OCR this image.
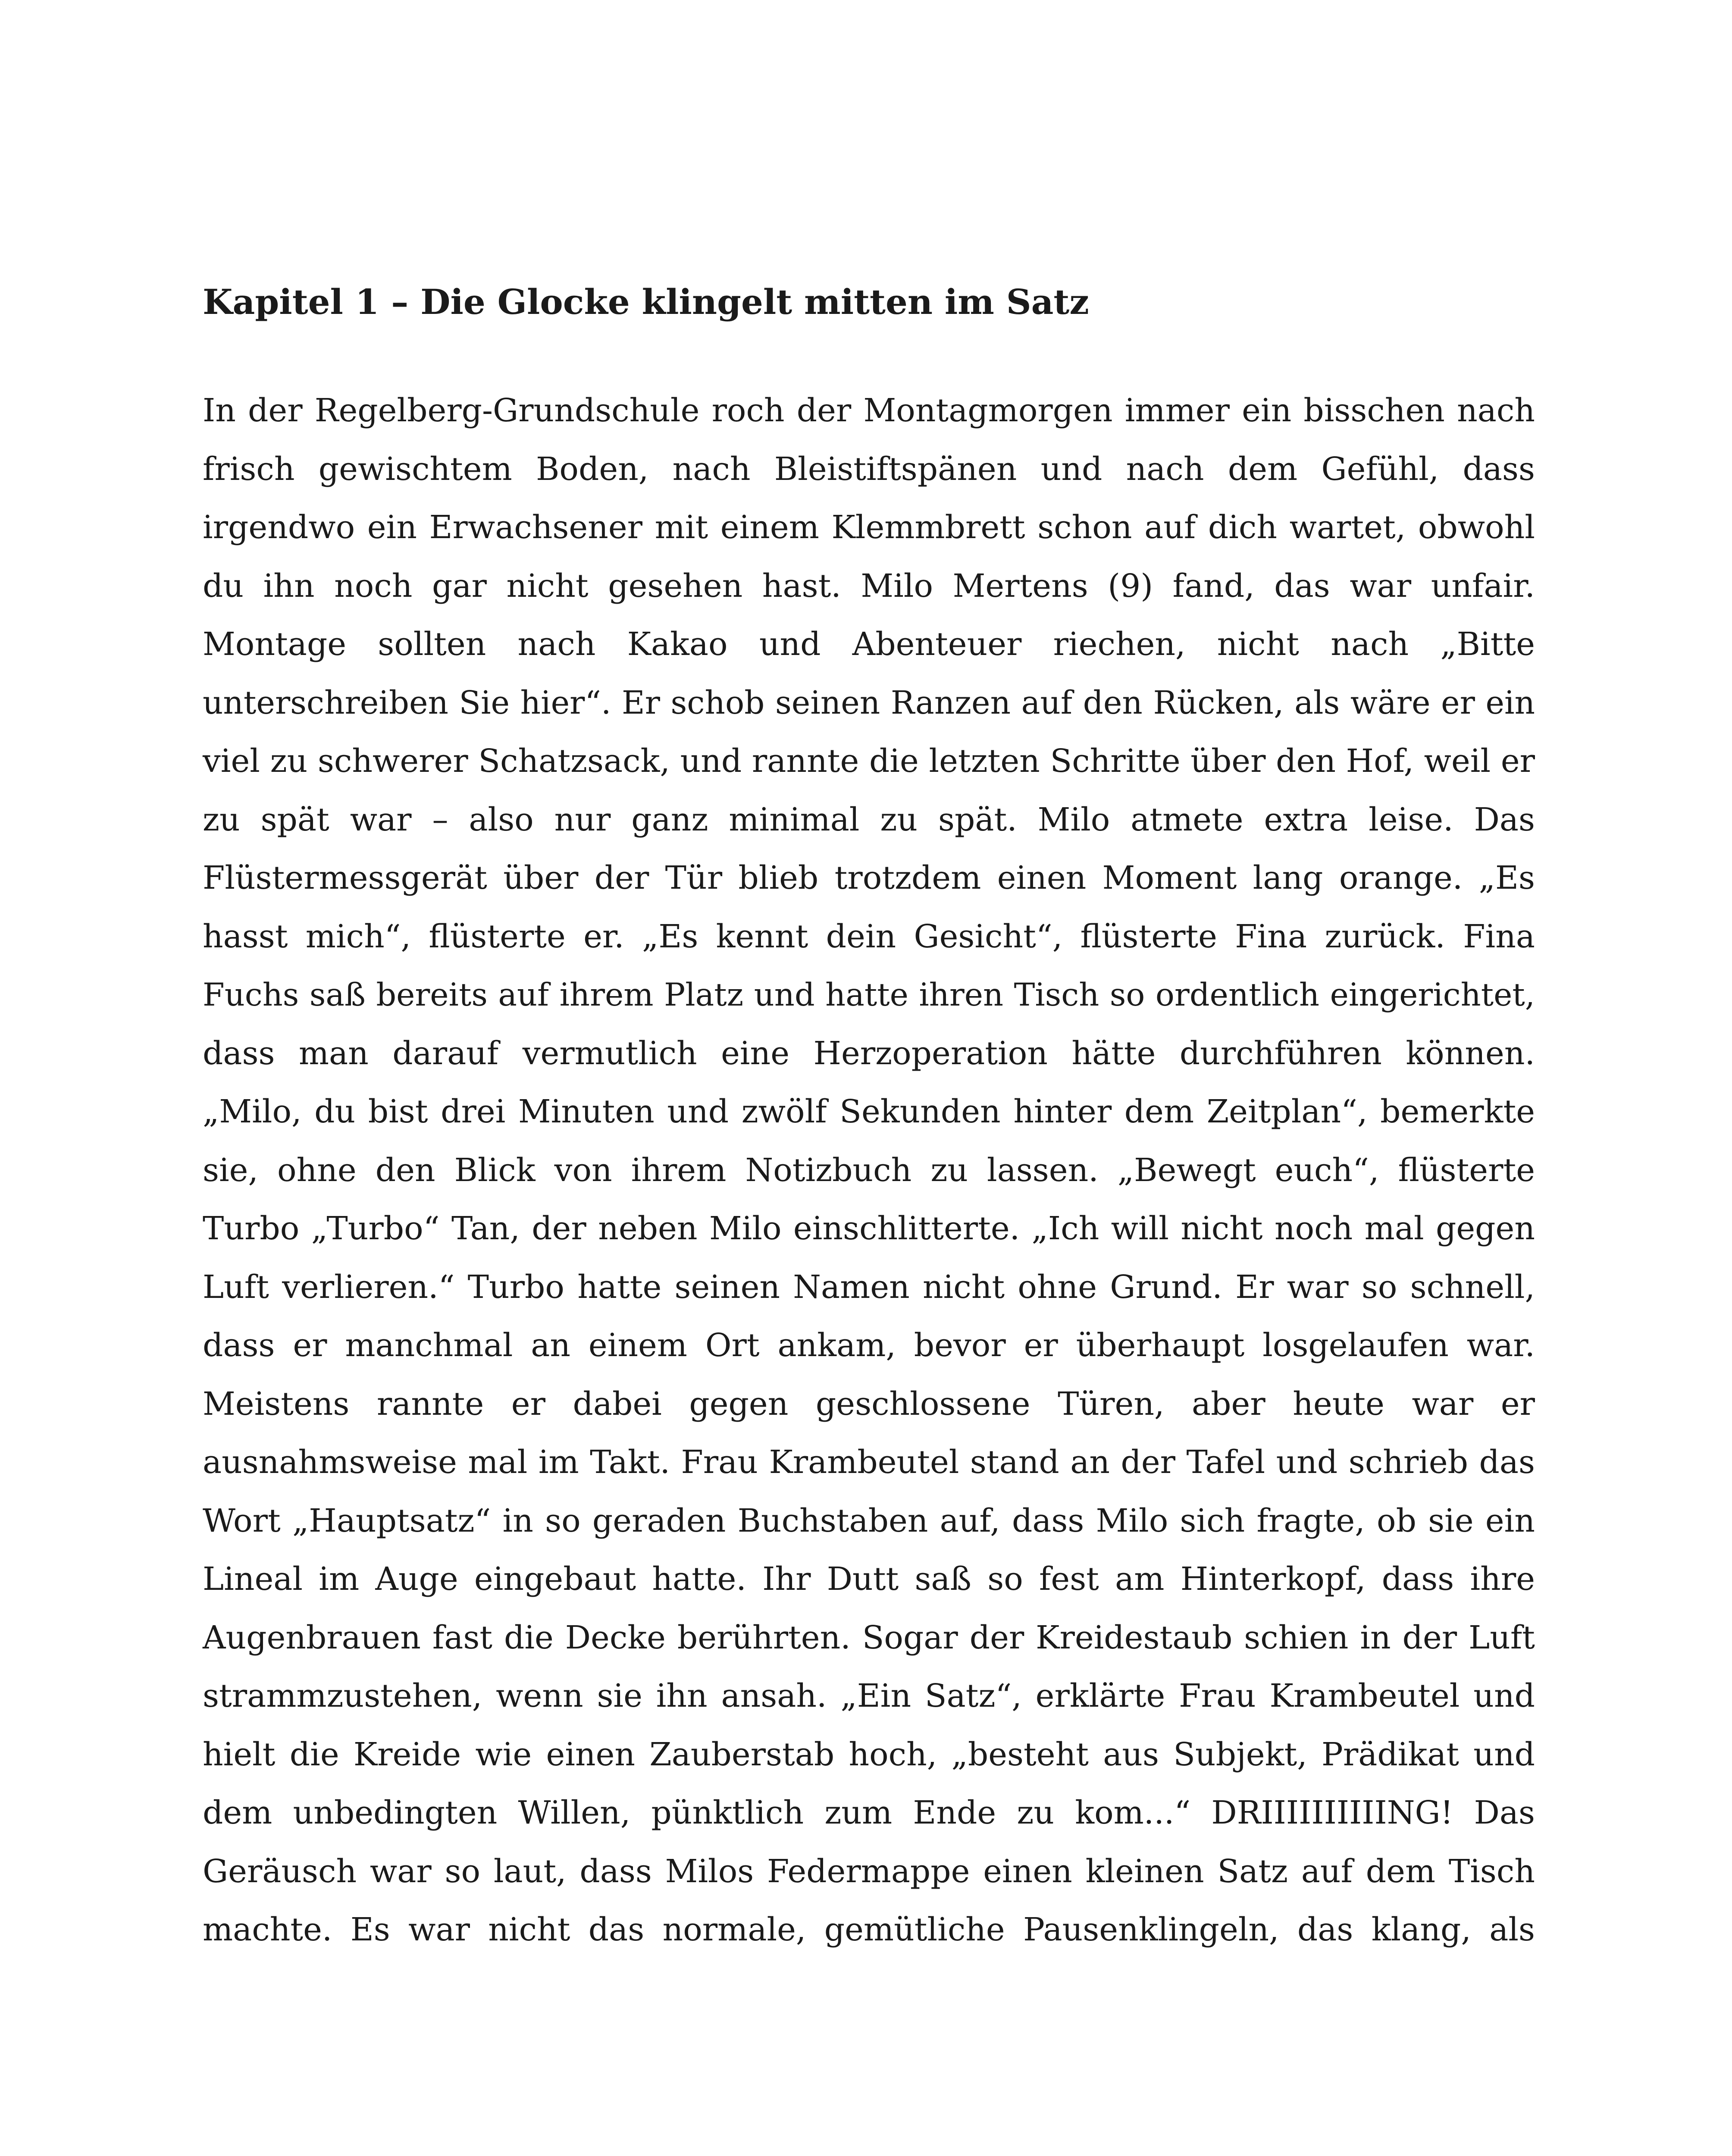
Kapitel 1 – Die Glocke klingelt mitten im Satz
In der Regelberg-Grundschule roch der Montagmorgen immer ein bisschen nach
frisch gewischtem Boden, nach Bleistiftspänen und nach dem Gefühl, dass
irgendwo ein Erwachsener mit einem Klemmbrett schon auf dich wartet, obwohl
du ihn noch gar nicht gesehen hast. Milo Mertens (9) fand, das war unfair.
Montage sollten nach Kakao und Abenteuer riechen, nicht nach „Bitte
unterschreiben Sie hier“. Er schob seinen Ranzen auf den Rücken, als wäre er ein
viel zu schwerer Schatzsack, und rannte die letzten Schritte über den Hof, weil er
zu spät war – also nur ganz minimal zu spät. Milo atmete extra leise. Das
Flüstermessgerät über der Tür blieb trotzdem einen Moment lang orange. „Es
hasst mich“, flüsterte er. „Es kennt dein Gesicht“, flüsterte Fina zurück. Fina
Fuchs saß bereits auf ihrem Platz und hatte ihren Tisch so ordentlich eingerichtet,
dass man darauf vermutlich eine Herzoperation hätte durchführen können.
„Milo, du bist drei Minuten und zwölf Sekunden hinter dem Zeitplan“, bemerkte
sie, ohne den Blick von ihrem Notizbuch zu lassen. „Bewegt euch“, flüsterte
Turbo „Turbo“ Tan, der neben Milo einschlitterte. „Ich will nicht noch mal gegen
Luft verlieren.“ Turbo hatte seinen Namen nicht ohne Grund. Er war so schnell,
dass er manchmal an einem Ort ankam, bevor er überhaupt losgelaufen war.
Meistens rannte er dabei gegen geschlossene Türen, aber heute war er
ausnahmsweise mal im Takt. Frau Krambeutel stand an der Tafel und schrieb das
Wort „Hauptsatz“ in so geraden Buchstaben auf, dass Milo sich fragte, ob sie ein
Lineal im Auge eingebaut hatte. Ihr Dutt saß so fest am Hinterkopf, dass ihre
Augenbrauen fast die Decke berührten. Sogar der Kreidestaub schien in der Luft
strammzustehen, wenn sie ihn ansah. „Ein Satz“, erklärte Frau Krambeutel und
hielt die Kreide wie einen Zauberstab hoch, „besteht aus Subjekt, Prädikat und
dem unbedingten Willen, pünktlich zum Ende zu kom...“ DRIIIIIIIIIING! Das
Geräusch war so laut, dass Milos Federmappe einen kleinen Satz auf dem Tisch
machte. Es war nicht das normale, gemütliche Pausenklingeln, das klang, als
